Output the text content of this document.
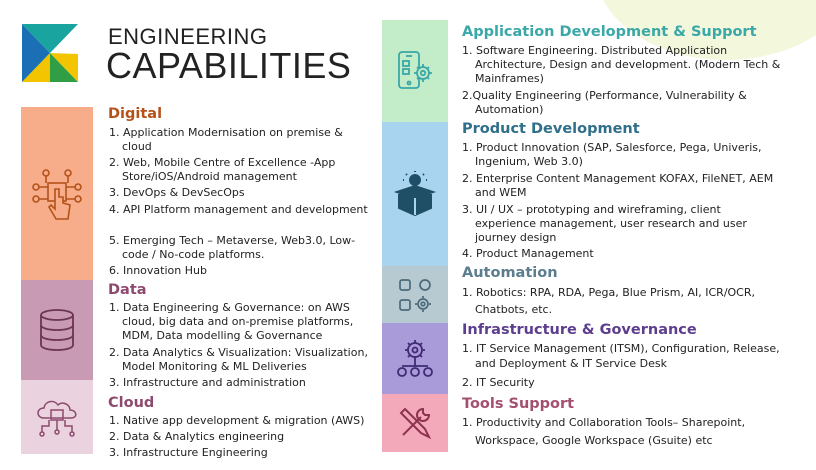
ENGINEERING
CAPABILITIES
Digital
1. Application Modernisation on premise &
cloud
2. Web, Mobile Centre of Excellence -App
Store/iOS/Android management
3. DevOps & DevSecOps
4. API Platform management and development
5. Emerging Tech – Metaverse, Web3.0, Low-
code / No-code platforms.
6. Innovation Hub
Data
1. Data Engineering & Governance: on AWS
cloud, big data and on-premise platforms,
MDM, Data modelling & Governance
2. Data Analytics & Visualization: Visualization,
Model Monitoring & ML Deliveries
3. Infrastructure and administration
Cloud
1. Native app development & migration (AWS)
2. Data & Analytics engineering
3. Infrastructure Engineering
Application Development & Support
1. Software Engineering. Distributed Application
Architecture, Design and development. (Modern Tech &
Mainframes)
2.Quality Engineering (Performance, Vulnerability &
Automation)
Product Development
1. Product Innovation (SAP, Salesforce, Pega, Univeris,
Ingenium, Web 3.0)
2. Enterprise Content Management KOFAX, FileNET, AEM
and WEM
3. UI / UX – prototyping and wireframing, client
experience management, user research and user
journey design
4. Product Management
Automation
1. Robotics: RPA, RDA, Pega, Blue Prism, AI, ICR/OCR,
Chatbots, etc.
Infrastructure & Governance
1. IT Service Management (ITSM), Configuration, Release,
and Deployment & IT Service Desk
2. IT Security
Tools Support
1. Productivity and Collaboration Tools– Sharepoint,
Workspace, Google Workspace (Gsuite) etc
